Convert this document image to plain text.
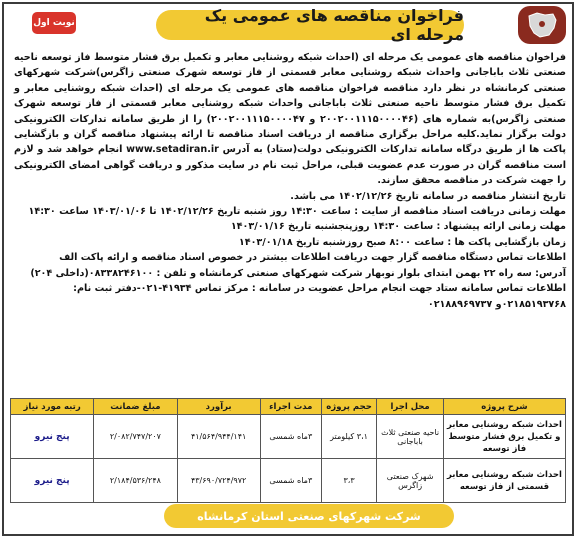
نوبت اول	فراخوان مناقصه های عمومی یک مرحله ای

فراخوان مناقصه های عمومی یک مرحله ای (احداث شبکه روشنایی معابر و تکمیل برق فشار متوسط فاز توسعه ناحیه صنعتی ثلاث باباجانی واحداث شبکه روشنایی معابر قسمتی از فاز توسعه شهرک صنعتی زاگرس)شرکت شهرکهای صنعتی کرمانشاه در نظر دارد مناقصه فراخوان مناقصه های عمومی یک مرحله ای (احداث شبکه روشنایی معابر و تکمیل برق فشار متوسط ناحیه صنعتی ثلاث باباجانی واحداث شبکه روشنایی معابر قسمتی از فاز توسعه شهرک صنعتی زاگرس)به شماره های (۲۰۰۲۰۰۱۱۱۵۰۰۰۰۴۶ و ۲۰۰۲۰۰۱۱۱۵۰۰۰۰۴۷) را از طریق سامانه تدارکات الکترونیکی دولت برگزار نماید.کلیه مراحل برگزاری مناقصه از دریافت اسناد مناقصه تا ارائه پیشنهاد مناقصه گران و بازگشایی پاکت ها از طریق درگاه سامانه تدارکات الکترونیکی دولت(ستاد) به آدرس www.setadiran.ir انجام خواهد شد و لازم است مناقصه گران در صورت عدم عضویت قبلی، مراحل ثبت نام در سایت مذکور و دریافت گواهی امضای الکترونیکی را جهت شرکت در مناقصه محقق سازند.

تاریخ انتشار مناقصه در سامانه تاریخ ۱۴۰۲/۱۲/۲۶ می باشد.

مهلت زمانی دریافت اسناد مناقصه از سایت : ساعت ۱۴:۳۰ روز شنبه تاریخ ۱۴۰۲/۱۲/۲۶ تا ۱۴۰۳/۰۱/۰۶ ساعت ۱۴:۳۰

مهلت زمانی ارائه پیشنهاد : ساعت ۱۴:۳۰ روزپنجشنبه تاریخ ۱۴۰۳/۰۱/۱۶

زمان بازگشایی پاکت ها : ساعت ۸:۰۰ صبح روزشنبه تاریخ ۱۴۰۳/۰۱/۱۸

اطلاعات تماس دستگاه مناقصه گزار جهت دریافت اطلاعات بیشتر در خصوص اسناد مناقصه و ارائه پاکت الف

آدرس: سه راه ۲۲ بهمن ابتدای بلوار نوبهار شرکت شهرکهای صنعتی کرمانشاه و تلفن : ۰۸۳۳۸۲۴۶۱۰۰(داخلی ۲۰۴)

اطلاعات تماس سامانه ستاد جهت انجام مراحل عضویت در سامانه : مرکز تماس ۴۱۹۳۴-۰۲۱-دفتر ثبت نام:

۰۲۱۸۵۱۹۳۷۶۸و ۰۲۱۸۸۹۶۹۷۳۷

شرح پروژه	محل اجرا	حجم پروژه	مدت اجراء	برآورد	مبلغ ضمانت	رتبه مورد نیاز
احداث شبکه روشنایی معابر و تکمیل برق فشار متوسط فاز توسعه	ناحیه صنعتی ثلاث باباجانی	۳،۱ کیلومتر	۳ماه شمسی	۴۱/۵۶۴/۹۴۴/۱۴۱	۲/۰۸۲/۷۴۷/۲۰۷	پنج نیرو
احداث شبکه روشنایی معابر قسمتی از فاز توسعه	شهرک صنعتی زاگرس	۳،۳	۳ماه شمسی	۴۳/۶۹۰/۷۲۴/۹۷۲	۲/۱۸۴/۵۳۶/۲۴۸	پنج نیرو
شرکت شهرکهای صنعتی استان کرمانشاه
